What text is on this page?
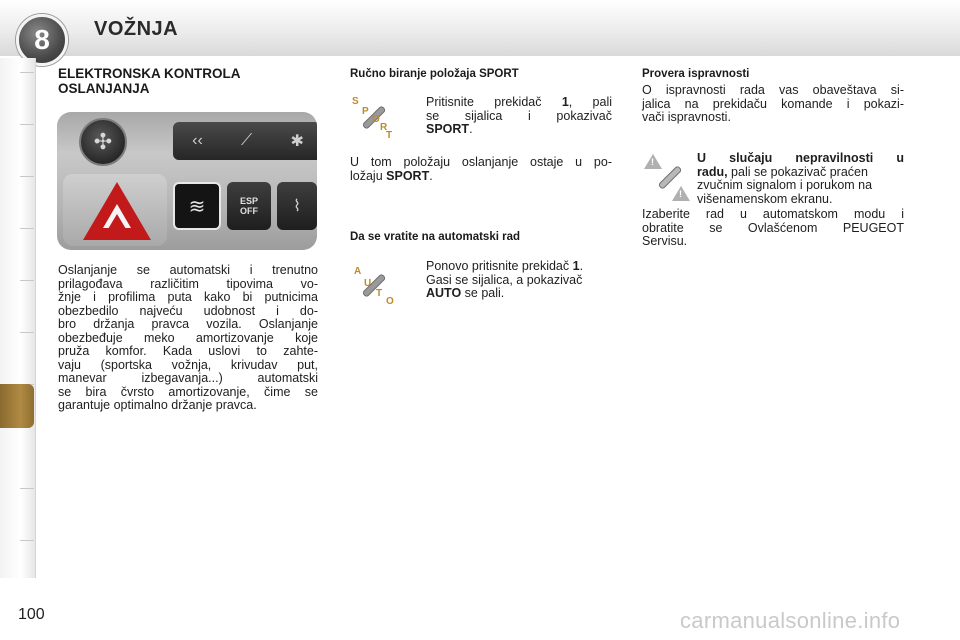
8	VOŽNJA
ELEKTRONSKA KONTROLA
OSLANJANJA
✣	‹‹ ⟋ ✱
≋	ESP
OFF	⌇
Oslanjanje se automatski i trenutno
prilagođava različitim tipovima vo-
žnje i profilima puta kako bi putnicima
obezbedilo najveću udobnost i do-
bro držanja pravca vozila. Oslanjanje
obezbeđuje meko amortizovanje koje
pruža komfor. Kada uslovi to zahte-
vaju (sportska vožnja, krivudav put,
manevar izbegavanja...) automatski
se bira čvrsto amortizovanje, čime se
garantuje optimalno držanje pravca.
Ručno biranje položaja SPORT
S
P
O
R
T
Pritisnite prekidač 1, pali
se sijalica i pokazivač
SPORT.
U tom položaju oslanjanje ostaje u po-
ložaju SPORT.
Da se vratite na automatski rad
A
U
T
O
Ponovo pritisnite prekidač 1.
Gasi se sijalica, a pokazivač
AUTO se pali.
Provera ispravnosti
O ispravnosti rada vas obaveštava si-
jalica na prekidaču komande i pokazi-
vači ispravnosti.
!
!
U slučaju nepravilnosti u
radu, pali se pokazivač praćen
zvučnim signalom i porukom na
višenamenskom ekranu.
Izaberite rad u automatskom modu i
obratite se Ovlašćenom PEUGEOT
Servisu.
100	carmanualsonline.info
